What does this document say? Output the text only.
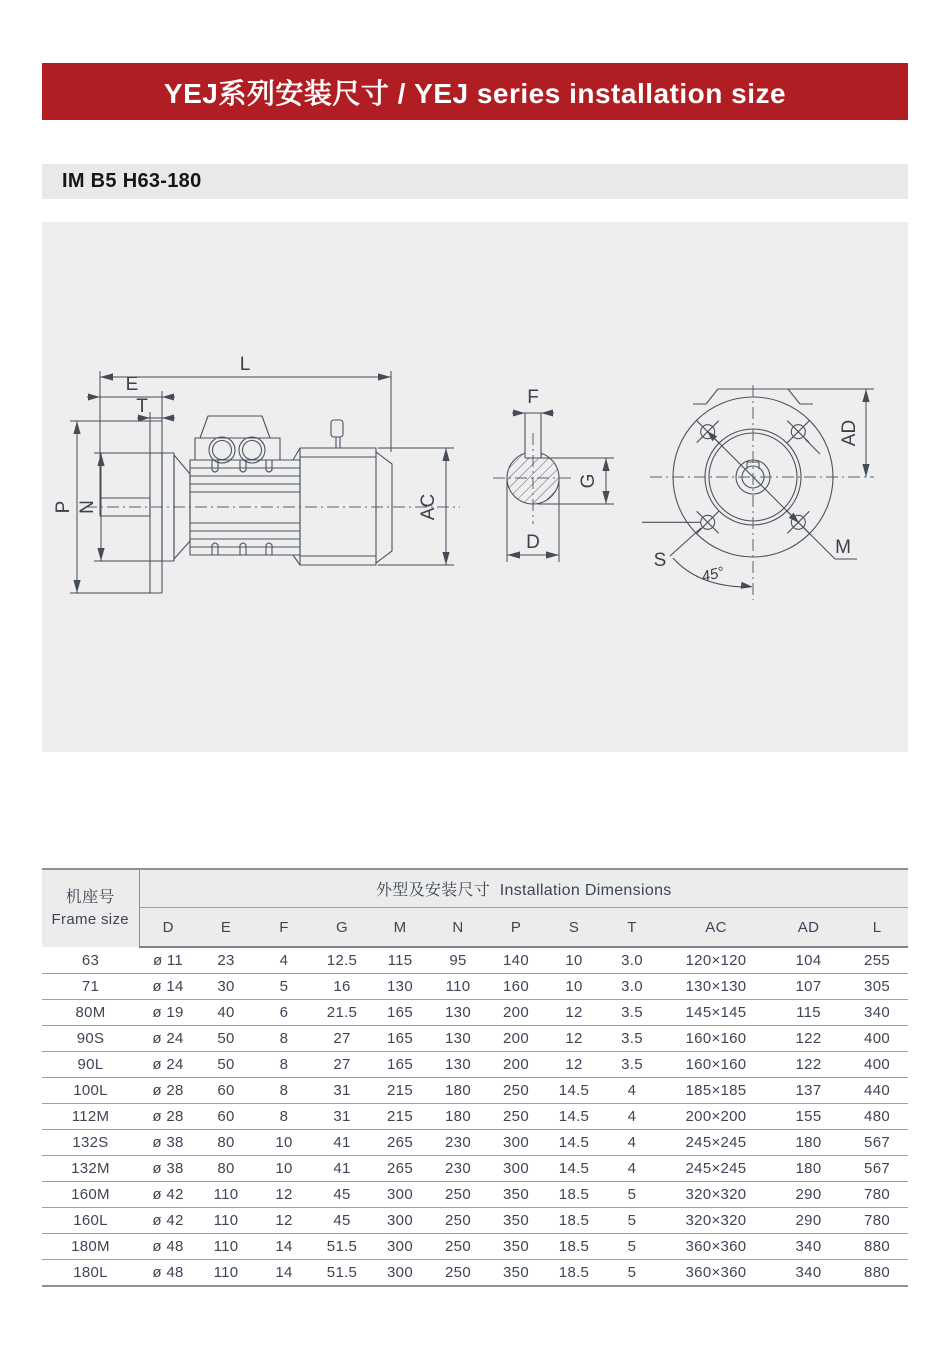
YEJ系列安装尺寸 / YEJ series installation size
IM B5 H63-180
L
E
T
P N	AC
F
G
D	M
S
45°
AD
机座号
Frame size	外型及安装尺寸 Installation Dimensions											
	D	E	F	G	M	N	P	S	T	AC	AD	L
63	ø 11	23	4	12.5	115	95	140	10	3.0	120×120	104	255
71	ø 14	30	5	16	130	110	160	10	3.0	130×130	107	305
80M	ø 19	40	6	21.5	165	130	200	12	3.5	145×145	115	340
90S	ø 24	50	8	27	165	130	200	12	3.5	160×160	122	400
90L	ø 24	50	8	27	165	130	200	12	3.5	160×160	122	400
100L	ø 28	60	8	31	215	180	250	14.5	4	185×185	137	440
112M	ø 28	60	8	31	215	180	250	14.5	4	200×200	155	480
132S	ø 38	80	10	41	265	230	300	14.5	4	245×245	180	567
132M	ø 38	80	10	41	265	230	300	14.5	4	245×245	180	567
160M	ø 42	110	12	45	300	250	350	18.5	5	320×320	290	780
160L	ø 42	110	12	45	300	250	350	18.5	5	320×320	290	780
180M	ø 48	110	14	51.5	300	250	350	18.5	5	360×360	340	880
180L	ø 48	110	14	51.5	300	250	350	18.5	5	360×360	340	880
